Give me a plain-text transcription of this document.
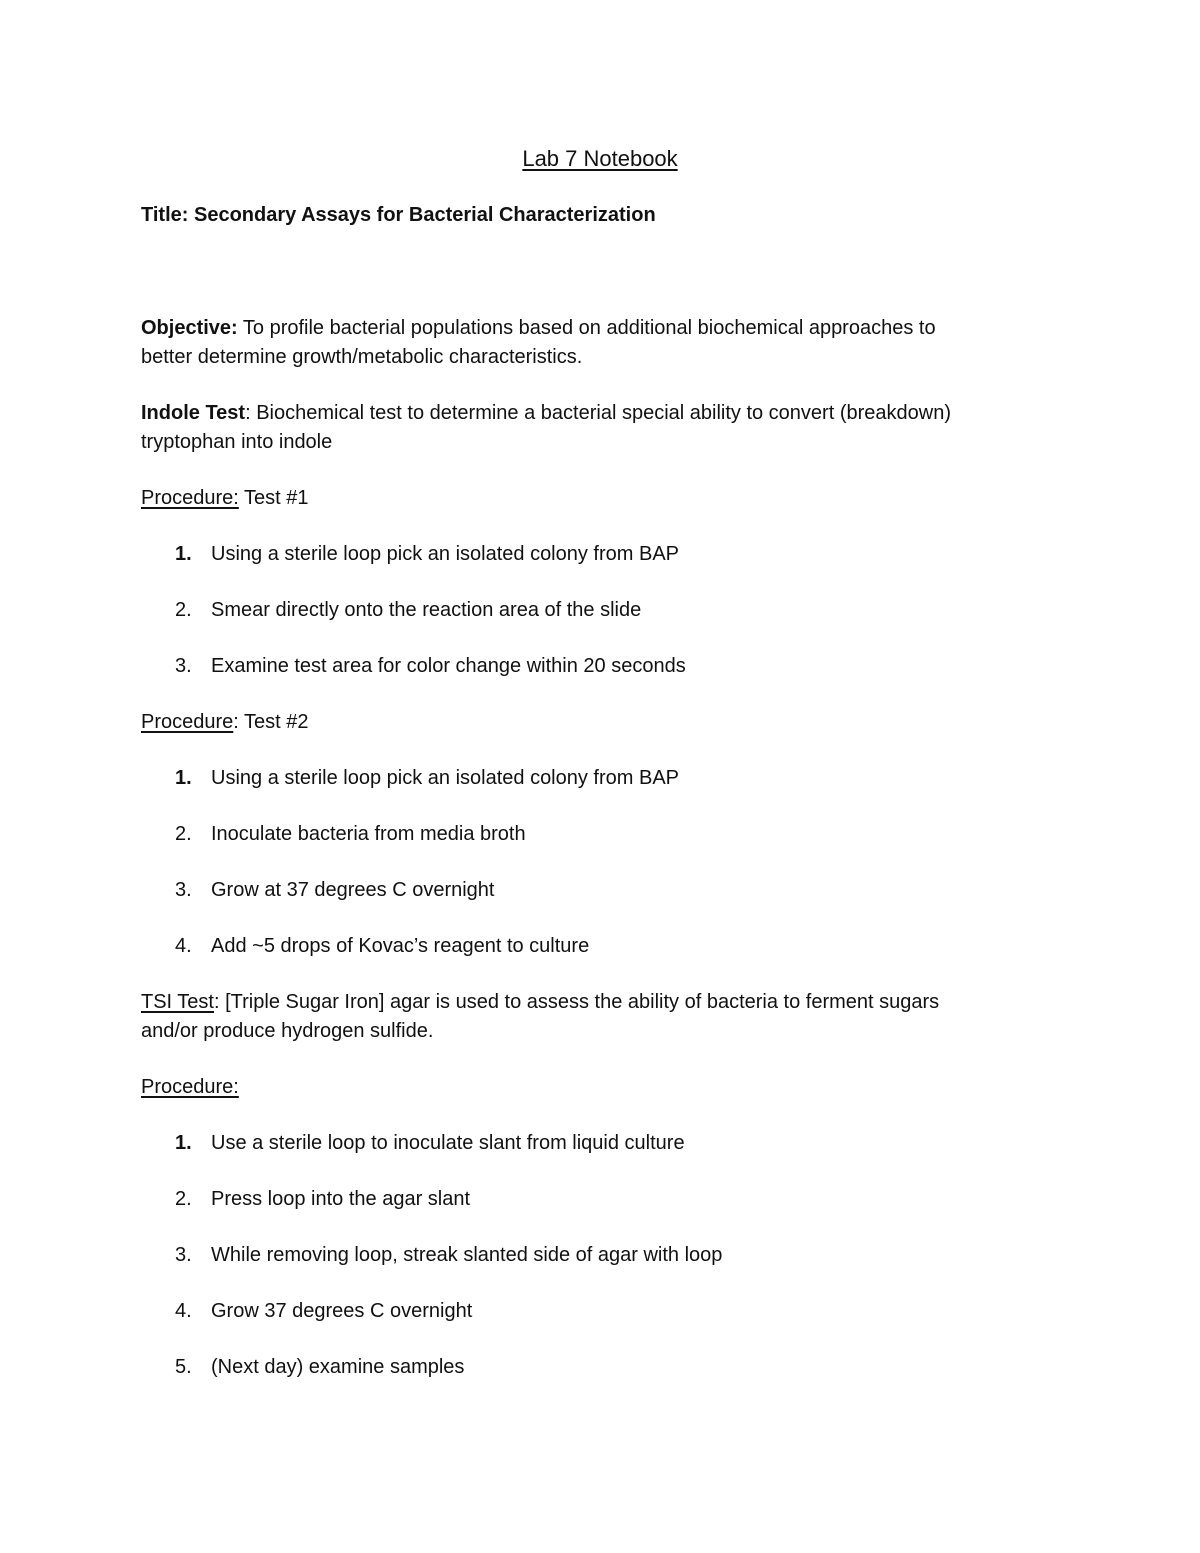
Lab 7 Notebook

Title: Secondary Assays for Bacterial Characterization

Objective: To profile bacterial populations based on additional biochemical approaches to

better determine growth/metabolic characteristics.

Indole Test: Biochemical test to determine a bacterial special ability to convert (breakdown)

tryptophan into indole

Procedure: Test #1

1. Using a sterile loop pick an isolated colony from BAP
2. Smear directly onto the reaction area of the slide
3. Examine test area for color change within 20 seconds

Procedure: Test #2

1. Using a sterile loop pick an isolated colony from BAP
2. Inoculate bacteria from media broth
3. Grow at 37 degrees C overnight
4. Add ~5 drops of Kovac’s reagent to culture

TSI Test: [Triple Sugar Iron] agar is used to assess the ability of bacteria to ferment sugars

and/or produce hydrogen sulfide.

Procedure:

1. Use a sterile loop to inoculate slant from liquid culture
2. Press loop into the agar slant
3. While removing loop, streak slanted side of agar with loop
4. Grow 37 degrees C overnight
5. (Next day) examine samples
